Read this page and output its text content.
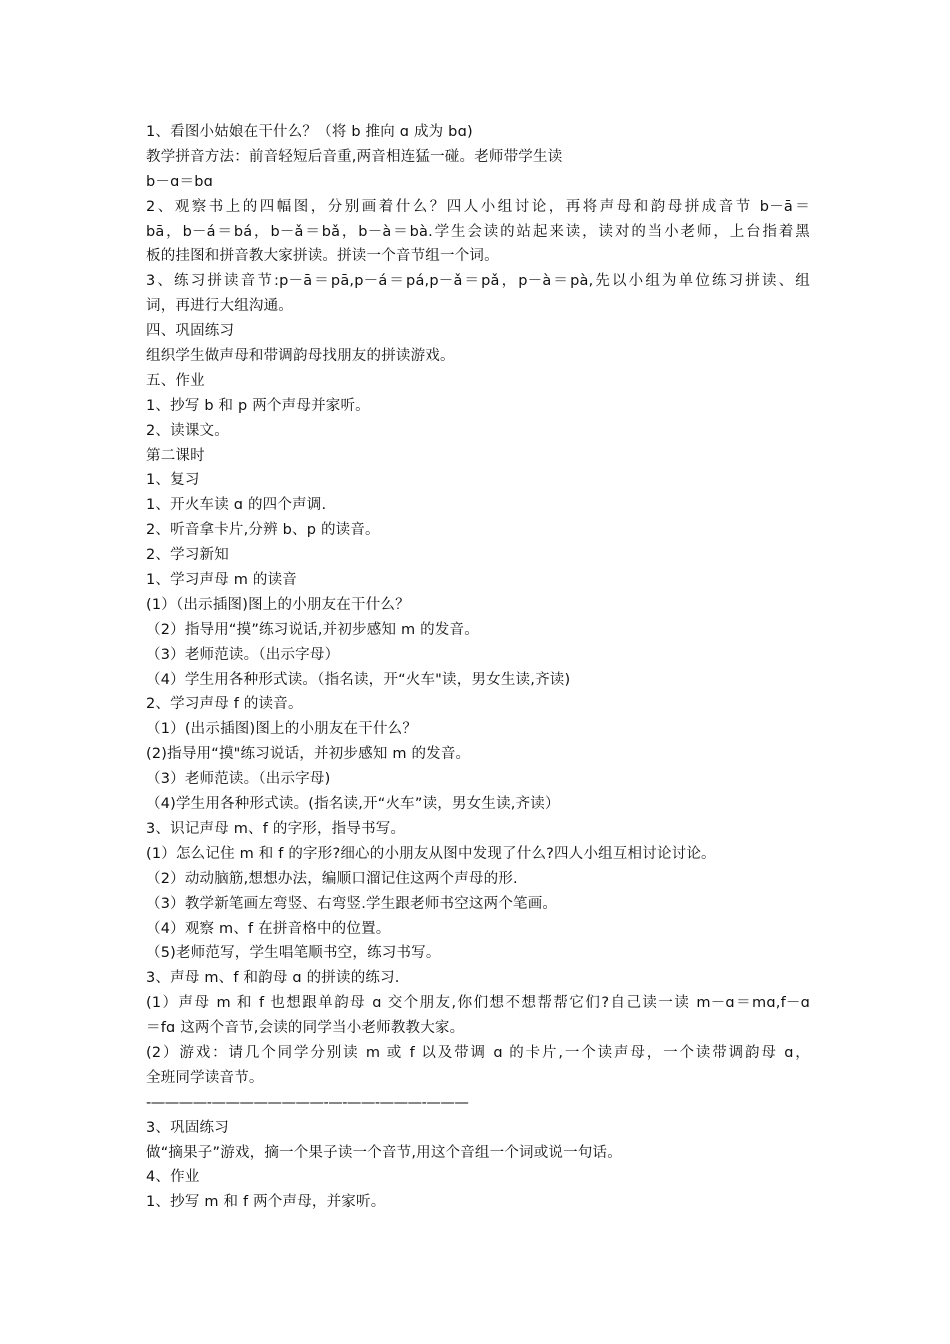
1、看图小姑娘在干什么？（将 b 推向 ɑ 成为 bɑ)
教学拼音方法：前音轻短后音重,两音相连猛一碰。老师带学生读
b－ɑ＝bɑ
2、观察书上的四幅图，分别画着什么？四人小组讨论，再将声母和韵母拼成音节 b－ā＝
bā，b－á＝bá，b－ǎ＝bǎ，b－à＝bà.学生会读的站起来读，读对的当小老师，上台指着黑
板的挂图和拼音教大家拼读。拼读一个音节组一个词。
3、练习拼读音节:p－ā＝pā,p－á＝pá,p－ǎ＝pǎ，p－à＝pà,先以小组为单位练习拼读、组
词，再进行大组沟通。
四、巩固练习
组织学生做声母和带调韵母找朋友的拼读游戏。
五、作业
1、抄写 b 和 p 两个声母并家听。
2、读课文。
第二课时
1、复习
1、开火车读 ɑ 的四个声调.
2、听音拿卡片,分辨 b、p 的读音。
2、学习新知
1、学习声母 m 的读音
(1）（出示插图)图上的小朋友在干什么？
（2）指导用“摸”练习说话,并初步感知 m 的发音。
（3）老师范读。（出示字母）
（4）学生用各种形式读。（指名读，开“火车"读，男女生读,齐读)
2、学习声母 f 的读音。
（1）(出示插图)图上的小朋友在干什么？
(2)指导用“摸"练习说话，并初步感知 m 的发音。
（3）老师范读。（出示字母)
（4)学生用各种形式读。(指名读,开“火车”读，男女生读,齐读）
3、识记声母 m、f 的字形，指导书写。
(1）怎么记住 m 和 f 的字形?细心的小朋友从图中发现了什么?四人小组互相讨论讨论。
（2）动动脑筋,想想办法，编顺口溜记住这两个声母的形.
（3）教学新笔画左弯竖、右弯竖.学生跟老师书空这两个笔画。
（4）观察 m、f 在拼音格中的位置。
（5)老师范写，学生唱笔顺书空，练习书写。
3、声母 m、f 和韵母 ɑ 的拼读的练习.
(1）声母 m 和 f 也想跟单韵母 ɑ 交个朋友,你们想不想帮帮它们?自己读一读 m－ɑ＝mɑ,f－ɑ
＝fɑ 这两个音节,会读的同学当小老师教教大家。
(2）游戏：请几个同学分别读 m 或 f 以及带调 ɑ 的卡片,一个读声母，一个读带调韵母 ɑ，
全班同学读音节。
-————-————————-—-——-———-———
3、巩固练习
做“摘果子”游戏，摘一个果子读一个音节,用这个音组一个词或说一句话。
4、作业
1、抄写 m 和 f 两个声母，并家听。
